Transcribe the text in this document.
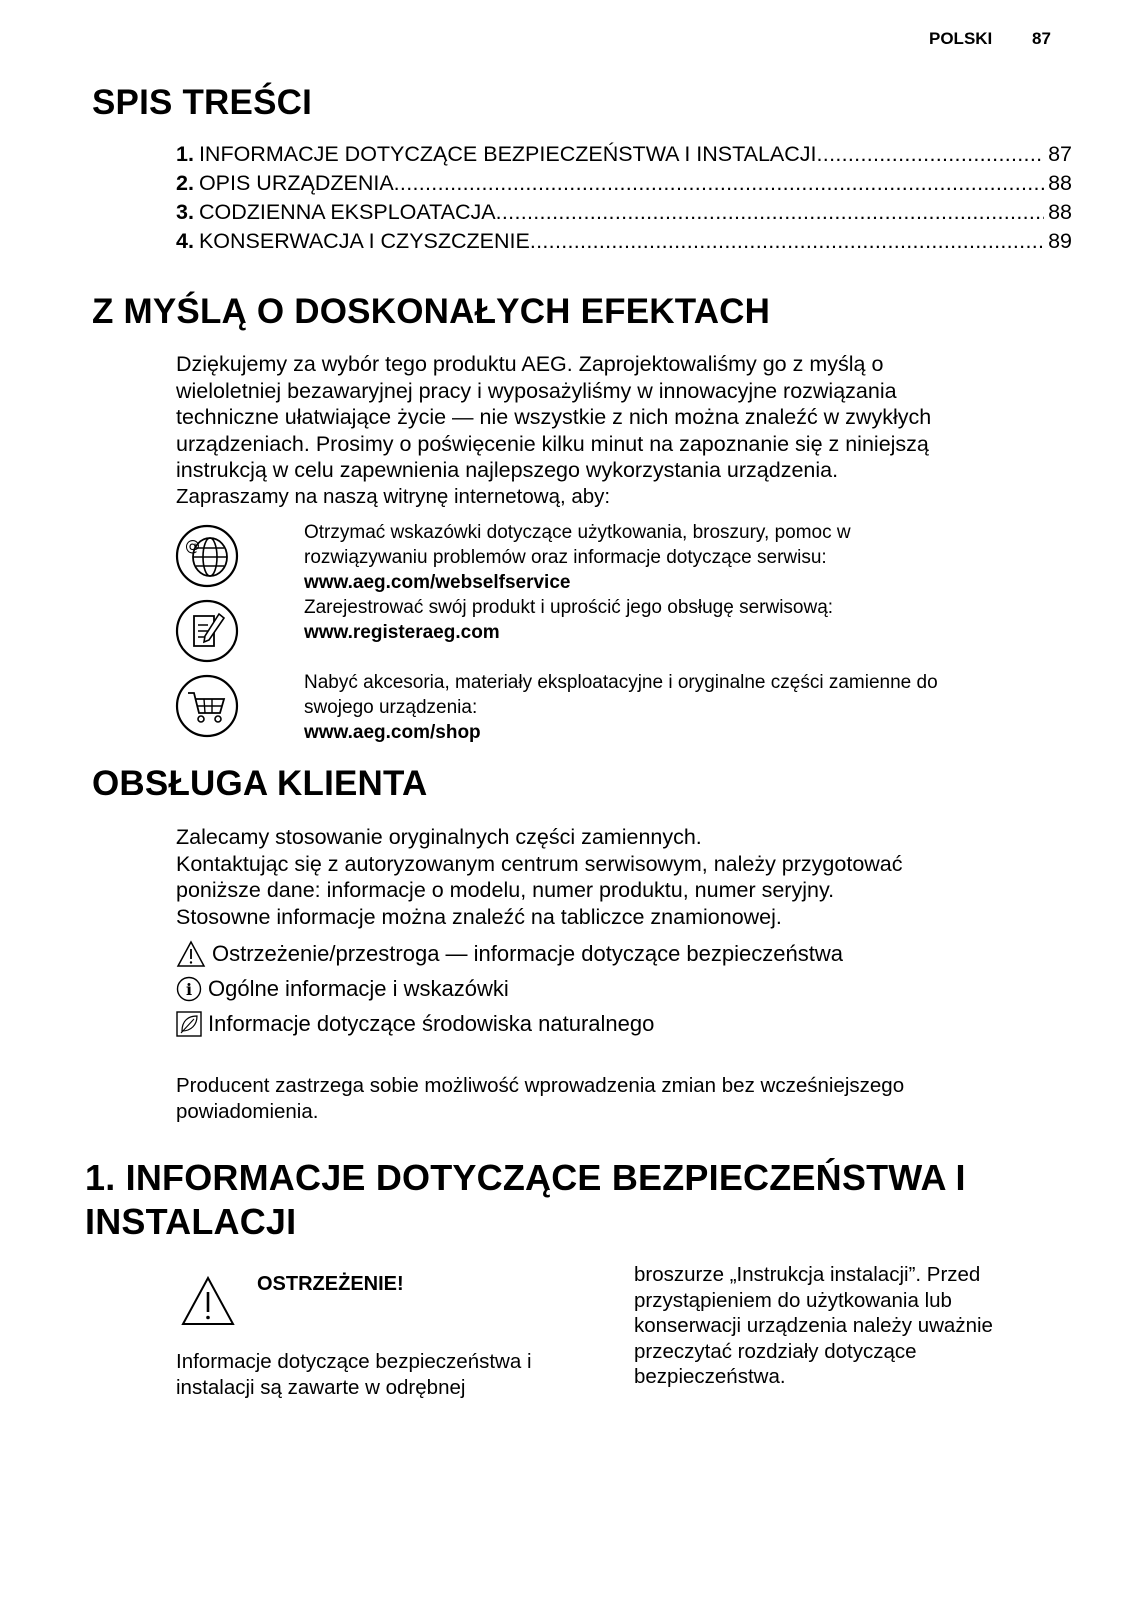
POLSKI 87
SPIS TREŚCI
1. INFORMACJE DOTYCZĄCE BEZPIECZEŃSTWA I INSTALACJI .....	87
2. OPIS URZĄDZENIA .....	88
3. CODZIENNA EKSPLOATACJA .....	88
4. KONSERWACJA I CZYSZCZENIE .....	89
Z MYŚLĄ O DOSKONAŁYCH EFEKTACH
Dziękujemy za wybór tego produktu AEG. Zaprojektowaliśmy go z myślą o
wieloletniej bezawaryjnej pracy i wyposażyliśmy w innowacyjne rozwiązania
techniczne ułatwiające życie — nie wszystkie z nich można znaleźć w zwykłych
urządzeniach. Prosimy o poświęcenie kilku minut na zapoznanie się z niniejszą
instrukcją w celu zapewnienia najlepszego wykorzystania urządzenia.
Zapraszamy na naszą witrynę internetową, aby:
@
Otrzymać wskazówki dotyczące użytkowania, broszury, pomoc w
rozwiązywaniu problemów oraz informacje dotyczące serwisu:
www.aeg.com/webselfservice
Zarejestrować swój produkt i uprościć jego obsługę serwisową:
www.registeraeg.com
Nabyć akcesoria, materiały eksploatacyjne i oryginalne części zamienne do
swojego urządzenia:
www.aeg.com/shop
OBSŁUGA KLIENTA
Zalecamy stosowanie oryginalnych części zamiennych.
Kontaktując się z autoryzowanym centrum serwisowym, należy przygotować
poniższe dane: informacje o modelu, numer produktu, numer seryjny.
Stosowne informacje można znaleźć na tabliczce znamionowej.
Ostrzeżenie/przestroga — informacje dotyczące bezpieczeństwa
i Ogólne informacje i wskazówki
Informacje dotyczące środowiska naturalnego
Producent zastrzega sobie możliwość wprowadzenia zmian bez wcześniejszego
powiadomienia.
1. INFORMACJE DOTYCZĄCE BEZPIECZEŃSTWA I
INSTALACJI
OSTRZEŻENIE!
Informacje dotyczące bezpieczeństwa i
instalacji są zawarte w odrębnej
broszurze „Instrukcja instalacji”. Przed
przystąpieniem do użytkowania lub
konserwacji urządzenia należy uważnie
przeczytać rozdziały dotyczące
bezpieczeństwa.
